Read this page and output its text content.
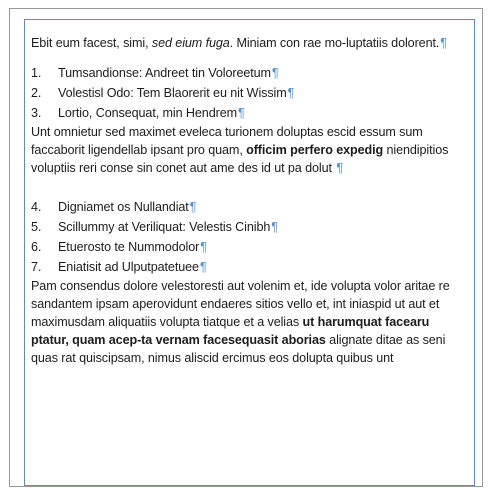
Ebit eum facest, simi, sed eium fuga. Miniam con rae mo-luptatiis dolorent.¶

1. Tumsandionse: Andreet tin Voloreetum¶
2. Volestisl Odo: Tem Blaorerit eu nit Wissim¶
3. Lortio, Consequat, min Hendrem¶

Unt omnietur sed maximet eveleca turionem doluptas escid essum sum faccaborit ligendellab ipsant pro quam, officim perfero expedig niendipitios voluptiis reri conse sin conet aut ame des id ut pa dolut ¶

4. Digniamet os Nullandiat¶
5. Scillummy at Veriliquat: Velestis Cinibh¶
6. Etuerosto te Nummodolor¶
7. Eniatisit ad Ulputpatetuee¶

Pam consendus dolore velestoresti aut volenim et, ide volupta volor aritae re sandantem ipsam aperovidunt endaeres sitios vello et, int iniaspid ut aut et maximusdam aliquatiis volupta tiatque et a velias ut harumquat facearu ptatur, quam acep-ta vernam facesequasit aborias alignate ditae as seni quas rat quiscipsam, nimus aliscid ercimus eos dolupta quibus unt
